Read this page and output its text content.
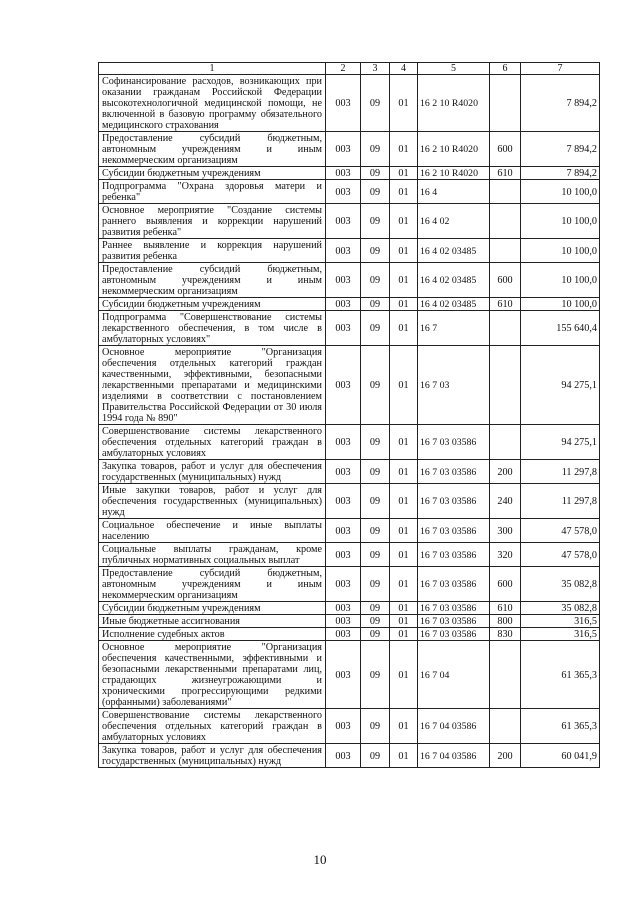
1	2	3	4	5	6	7
Софинансирование расходов, возникающих при оказании гражданам Российской Федерации высокотехнологичной медицинской помощи, не включенной в базовую программу обязательного медицинского страхования	003	09	01	16 2 10 R4020		7 894,2
Предоставление субсидий бюджетным, автономным учреждениям и иным некоммерческим организациям	003	09	01	16 2 10 R4020	600	7 894,2
Субсидии бюджетным учреждениям	003	09	01	16 2 10 R4020	610	7 894,2
Подпрограмма "Охрана здоровья матери и ребенка"	003	09	01	16 4		10 100,0
Основное мероприятие "Создание системы раннего выявления и коррекции нарушений развития ребенка"	003	09	01	16 4 02		10 100,0
Раннее выявление и коррекция нарушений развития ребенка	003	09	01	16 4 02 03485		10 100,0
Предоставление субсидий бюджетным, автономным учреждениям и иным некоммерческим организациям	003	09	01	16 4 02 03485	600	10 100,0
Субсидии бюджетным учреждениям	003	09	01	16 4 02 03485	610	10 100,0
Подпрограмма "Совершенствование системы лекарственного обеспечения, в том числе в амбулаторных условиях"	003	09	01	16 7		155 640,4
Основное мероприятие "Организация обеспечения отдельных категорий граждан качественными, эффективными, безопасными лекарственными препаратами и медицинскими изделиями в соответствии с постановлением Правительства Российской Федерации от 30 июля 1994 года № 890"	003	09	01	16 7 03		94 275,1
Совершенствование системы лекарственного обеспечения отдельных категорий граждан в амбулаторных условиях	003	09	01	16 7 03 03586		94 275,1
Закупка товаров, работ и услуг для обеспечения государственных (муниципальных) нужд	003	09	01	16 7 03 03586	200	11 297,8
Иные закупки товаров, работ и услуг для обеспечения государственных (муниципальных) нужд	003	09	01	16 7 03 03586	240	11 297,8
Социальное обеспечение и иные выплаты населению	003	09	01	16 7 03 03586	300	47 578,0
Социальные выплаты гражданам, кроме публичных нормативных социальных выплат	003	09	01	16 7 03 03586	320	47 578,0
Предоставление субсидий бюджетным, автономным учреждениям и иным некоммерческим организациям	003	09	01	16 7 03 03586	600	35 082,8
Субсидии бюджетным учреждениям	003	09	01	16 7 03 03586	610	35 082,8
Иные бюджетные ассигнования	003	09	01	16 7 03 03586	800	316,5
Исполнение судебных актов	003	09	01	16 7 03 03586	830	316,5
Основное мероприятие "Организация обеспечения качественными, эффективными и безопасными лекарственными препаратами лиц, страдающих жизнеугрожающими и хроническими прогрессирующими редкими (орфанными) заболеваниями"	003	09	01	16 7 04		61 365,3
Совершенствование системы лекарственного обеспечения отдельных категорий граждан в амбулаторных условиях	003	09	01	16 7 04 03586		61 365,3
Закупка товаров, работ и услуг для обеспечения государственных (муниципальных) нужд	003	09	01	16 7 04 03586	200	60 041,9
10
